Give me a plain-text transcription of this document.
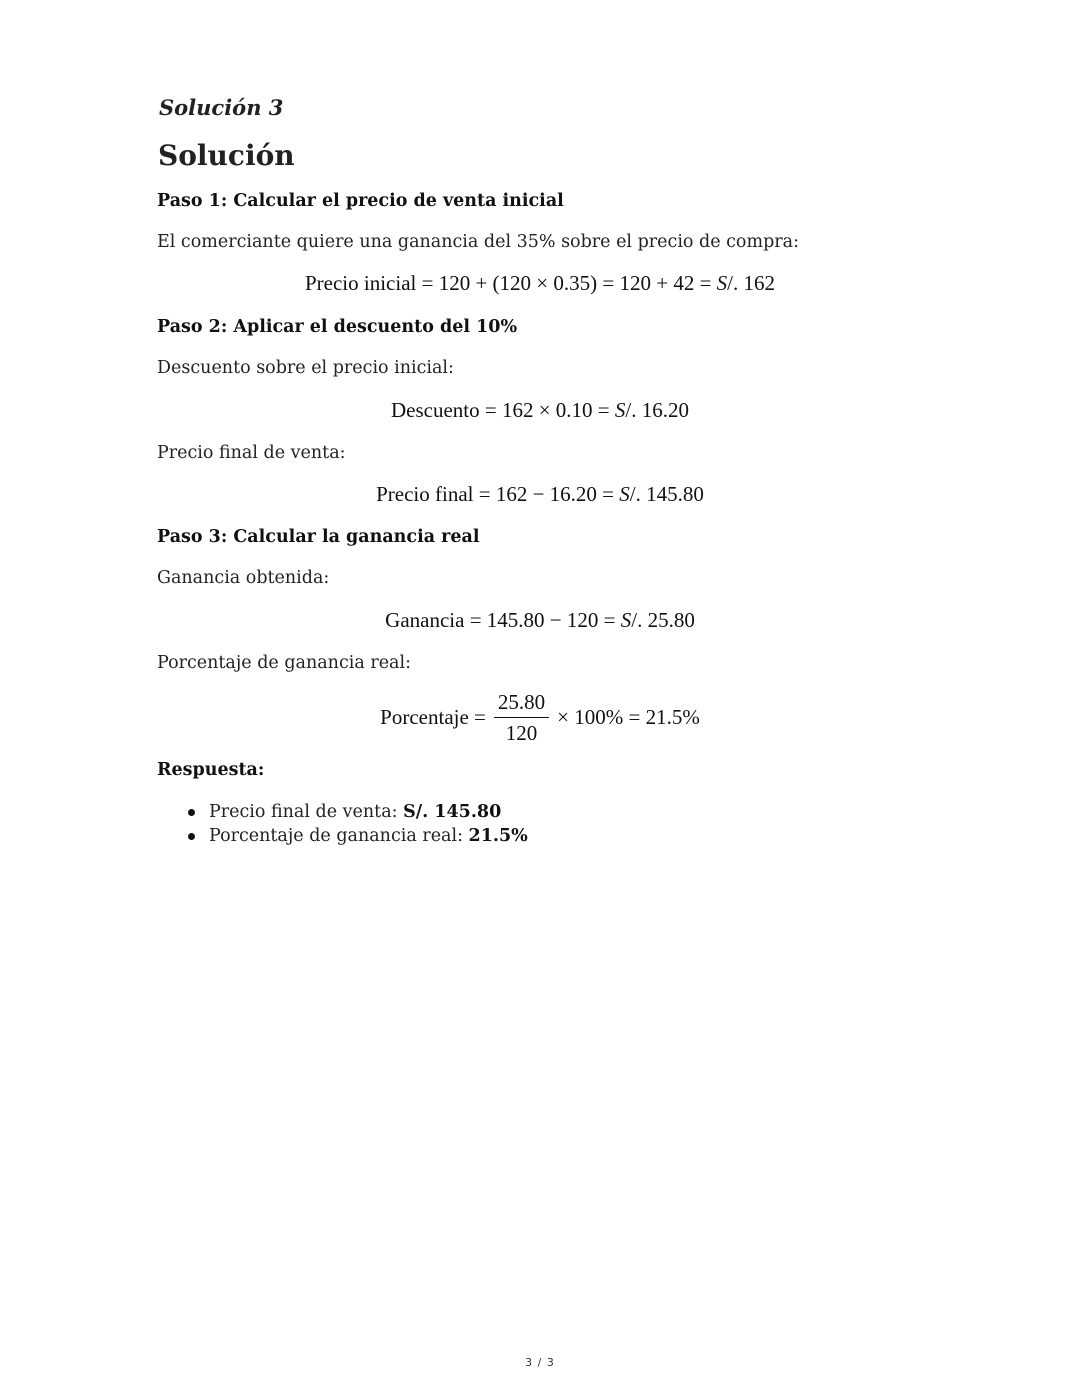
Solución 3
Solución
Paso 1: Calcular el precio de venta inicial
El comerciante quiere una ganancia del 35% sobre el precio de compra:
Precio inicial = 120 + (120 × 0.35) = 120 + 42 = S/. 162
Paso 2: Aplicar el descuento del 10%
Descuento sobre el precio inicial:
Descuento = 162 × 0.10 = S/. 16.20
Precio final de venta:
Precio final = 162 − 16.20 = S/. 145.80
Paso 3: Calcular la ganancia real
Ganancia obtenida:
Ganancia = 145.80 − 120 = S/. 25.80
Porcentaje de ganancia real:
Porcentaje = $\frac{25.80}{120} \times 100\% = 21.5\%$
Respuesta:
Precio final de venta: S/. 145.80
Porcentaje de ganancia real: 21.5%
3 / 3
